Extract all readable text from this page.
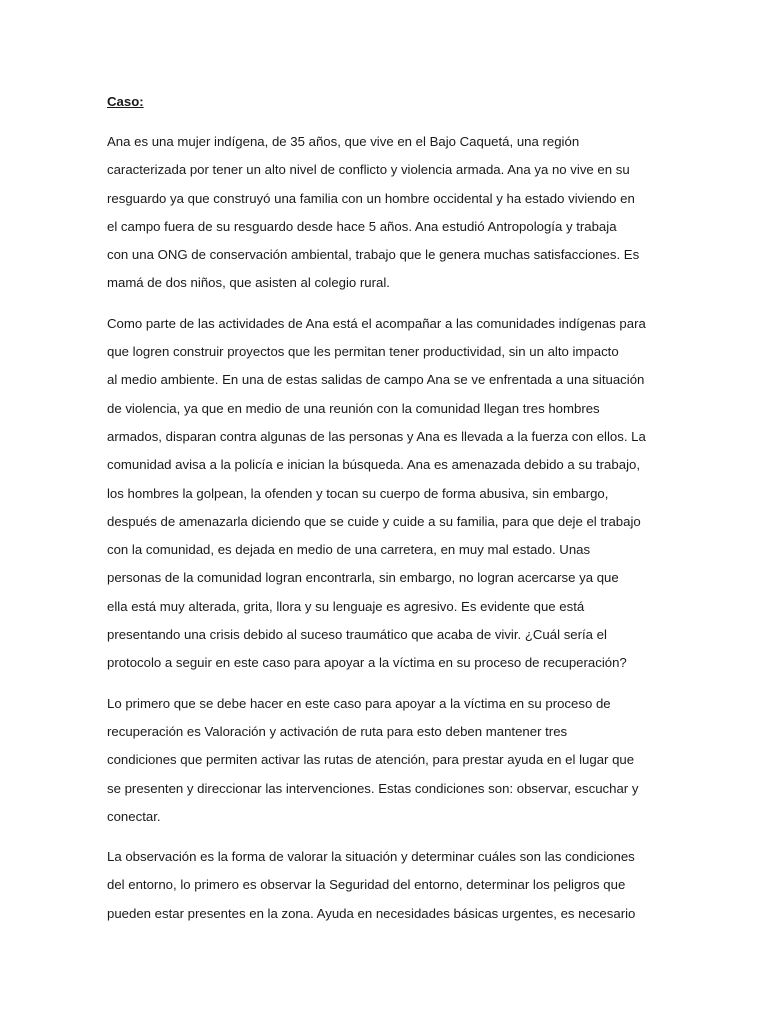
Caso:

Ana es una mujer indígena, de 35 años, que vive en el Bajo Caquetá, una región
caracterizada por tener un alto nivel de conflicto y violencia armada. Ana ya no vive en su
resguardo ya que construyó una familia con un hombre occidental y ha estado viviendo en
el campo fuera de su resguardo desde hace 5 años. Ana estudió Antropología y trabaja
con una ONG de conservación ambiental, trabajo que le genera muchas satisfacciones. Es
mamá de dos niños, que asisten al colegio rural.

Como parte de las actividades de Ana está el acompañar a las comunidades indígenas para
que logren construir proyectos que les permitan tener productividad, sin un alto impacto
al medio ambiente. En una de estas salidas de campo Ana se ve enfrentada a una situación
de violencia, ya que en medio de una reunión con la comunidad llegan tres hombres
armados, disparan contra algunas de las personas y Ana es llevada a la fuerza con ellos. La
comunidad avisa a la policía e inician la búsqueda. Ana es amenazada debido a su trabajo,
los hombres la golpean, la ofenden y tocan su cuerpo de forma abusiva, sin embargo,
después de amenazarla diciendo que se cuide y cuide a su familia, para que deje el trabajo
con la comunidad, es dejada en medio de una carretera, en muy mal estado. Unas
personas de la comunidad logran encontrarla, sin embargo, no logran acercarse ya que
ella está muy alterada, grita, llora y su lenguaje es agresivo. Es evidente que está
presentando una crisis debido al suceso traumático que acaba de vivir. ¿Cuál sería el
protocolo a seguir en este caso para apoyar a la víctima en su proceso de recuperación?

Lo primero que se debe hacer en este caso para apoyar a la víctima en su proceso de
recuperación es Valoración y activación de ruta para esto deben mantener tres
condiciones que permiten activar las rutas de atención, para prestar ayuda en el lugar que
se presenten y direccionar las intervenciones. Estas condiciones son: observar, escuchar y
conectar.

La observación es la forma de valorar la situación y determinar cuáles son las condiciones
del entorno, lo primero es observar la Seguridad del entorno, determinar los peligros que
pueden estar presentes en la zona. Ayuda en necesidades básicas urgentes, es necesario
